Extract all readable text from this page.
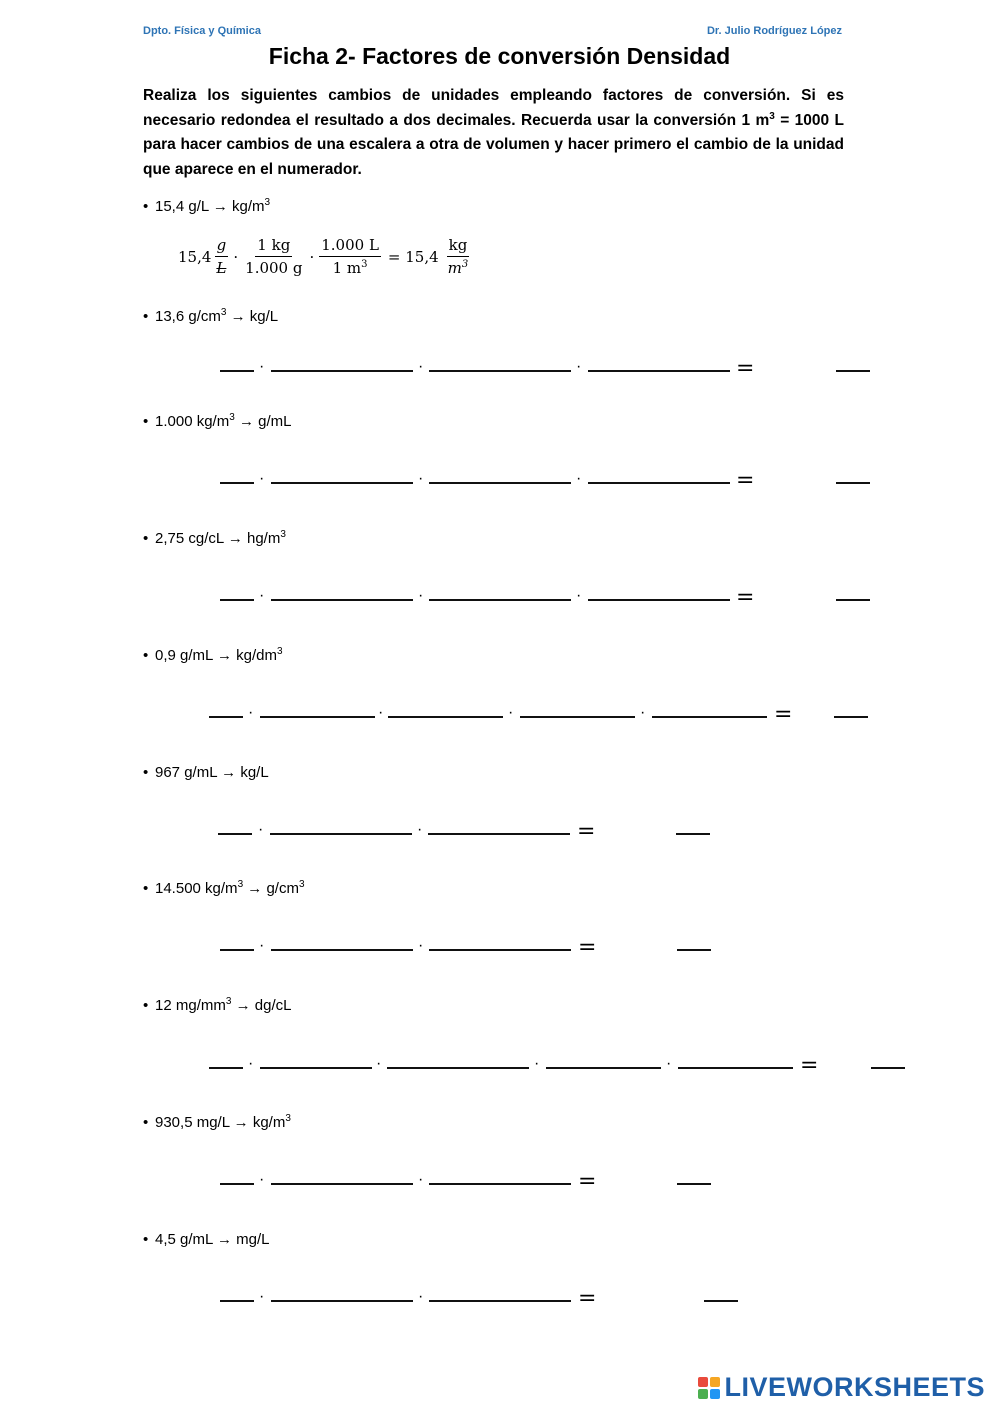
Dpto. Física y Química	Dr. Julio Rodríguez López
Ficha 2- Factores de conversión Densidad
Realiza los siguientes cambios de unidades empleando factores de conversión. Si es necesario redondea el resultado a dos decimales. Recuerda usar la conversión 1 $m^3 = 1000$ L para hacer cambios de una escalera a otra de volumen y hacer primero el cambio de la unidad que aparece en el numerador.
• 15,4 $g/L \to kg/m^3$
$15,4 \frac{g}{L} \cdot \frac{1 kg}{1.000 g} \cdot \frac{1.000 L}{1 m^3} = 15,4 \frac{kg}{m^3}$
• 13,6 $g/cm^3 \to kg/L$
·	·	·	=
• 1.000 $kg/m^3 \to g/mL$
·	·	·	=
• 2,75 $cg/cL \to hg/m^3$
·	·	·	=
• 0,9 $g/mL \to kg/dm^3$
·	·	·	·	=
• 967 g/mL → kg/L
·	·	=
• 14.500 $kg/m^3 \to g/cm^3$
·	·	=
• 12 $mg/mm^3 \to dg/cL$
·	·	·	·	=
• 930,5 $mg/L \to kg/m^3$
·	·	=
• 4,5 g/mL → mg/L
·	·	=
LIVEWORKSHEETS
